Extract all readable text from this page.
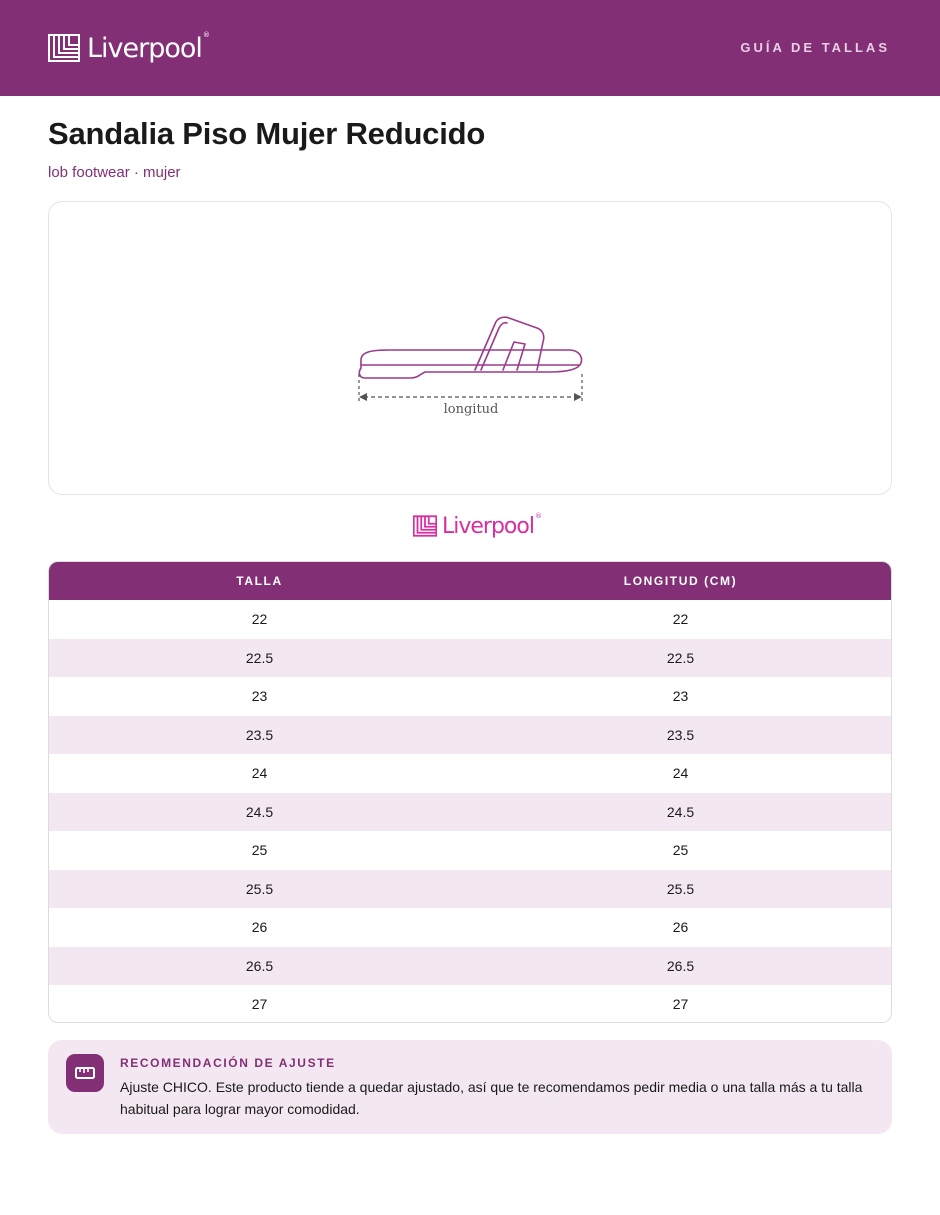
Liverpool®
GUÍA DE TALLAS
Sandalia Piso Mujer Reducido
lob footwear · mujer
longitud
Liverpool®
TALLA	LONGITUD (CM)
22	22
22.5	22.5
23	23
23.5	23.5
24	24
24.5	24.5
25	25
25.5	25.5
26	26
26.5	26.5
27	27
RECOMENDACIÓN DE AJUSTE
Ajuste CHICO. Este producto tiende a quedar ajustado, así que te recomendamos pedir media o una talla más a tu talla habitual para lograr mayor comodidad.
